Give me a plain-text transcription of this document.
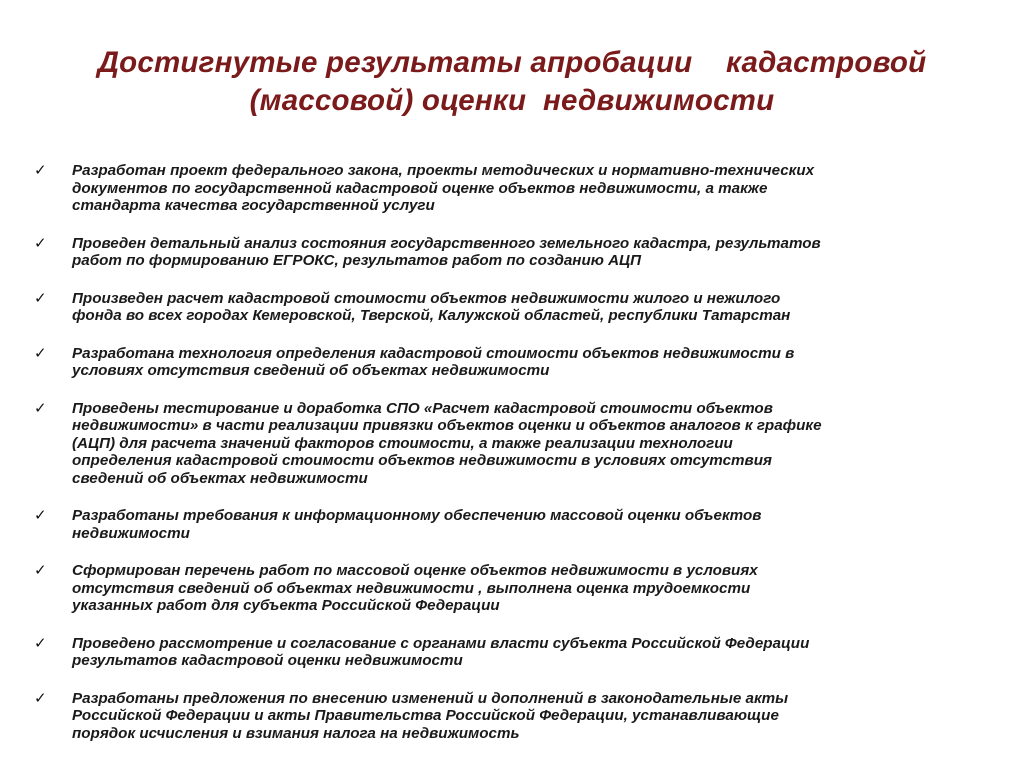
Достигнутые результаты апробации    кадастровой
(массовой) оценки  недвижимости
✓ Разработан проект федерального закона, проекты методических и нормативно-технических
документов по государственной кадастровой оценке объектов недвижимости, а также
стандарта качества государственной услуги
✓ Проведен детальный анализ состояния государственного земельного кадастра, результатов
работ по формированию ЕГРОКС, результатов работ по созданию АЦП
✓ Произведен расчет кадастровой стоимости объектов недвижимости жилого и нежилого
фонда во всех городах Кемеровской, Тверской, Калужской областей, республики Татарстан
✓ Разработана технология определения кадастровой стоимости объектов недвижимости в
условиях отсутствия сведений об объектах недвижимости
✓ Проведены тестирование и доработка СПО «Расчет кадастровой стоимости объектов
недвижимости» в части реализации привязки объектов оценки и объектов аналогов к графике
(АЦП) для расчета значений факторов стоимости, а также реализации технологии
определения кадастровой стоимости объектов недвижимости в условиях отсутствия
сведений об объектах недвижимости
✓ Разработаны требования к информационному обеспечению массовой оценки объектов
недвижимости
✓ Сформирован перечень работ по массовой оценке объектов недвижимости в условиях
отсутствия сведений об объектах недвижимости , выполнена оценка трудоемкости
указанных работ для субъекта Российской Федерации
✓ Проведено рассмотрение и согласование с органами власти субъекта Российской Федерации
результатов кадастровой оценки недвижимости
✓ Разработаны предложения по внесению изменений и дополнений в законодательные акты
Российской Федерации и акты Правительства Российской Федерации, устанавливающие
порядок исчисления и взимания налога на недвижимость
